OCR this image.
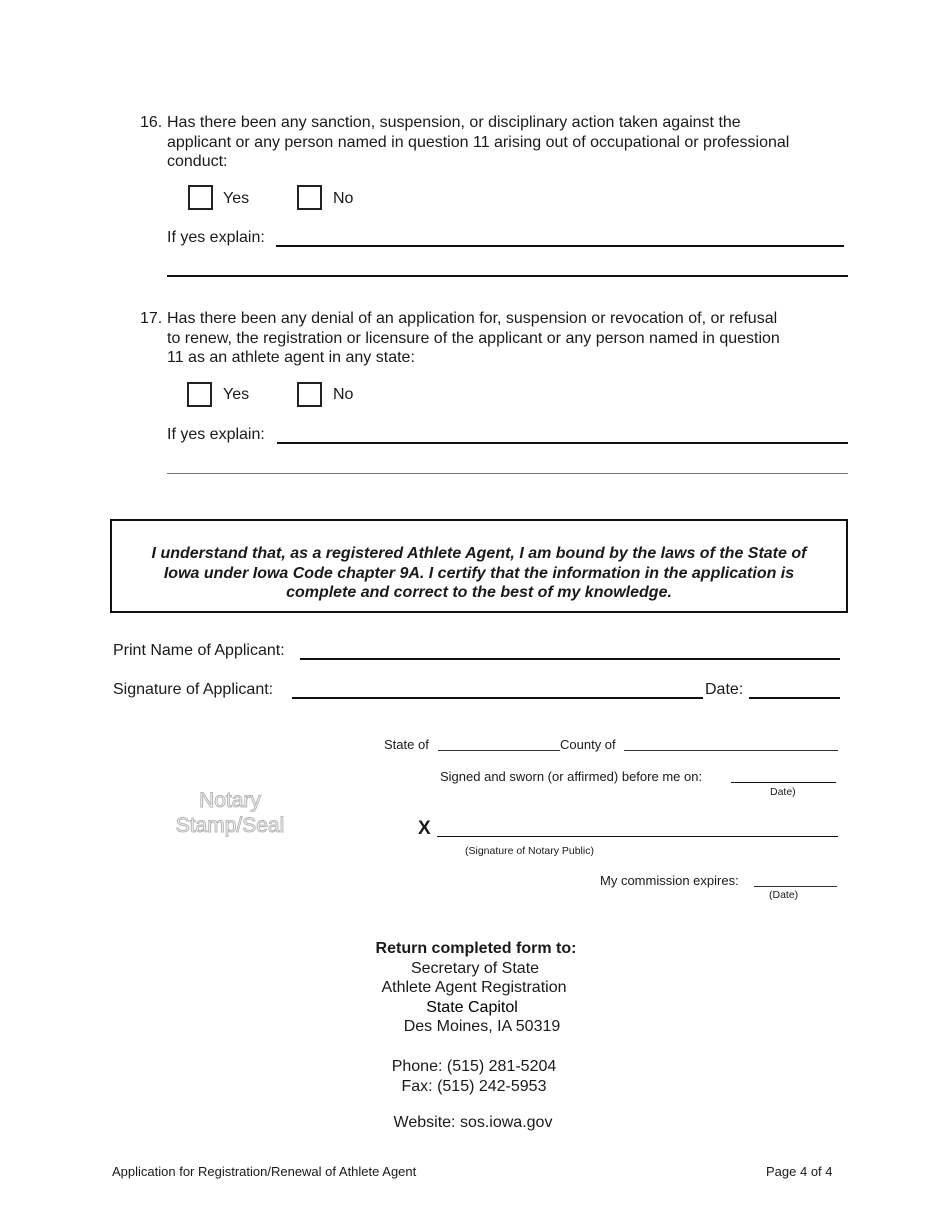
16. Has there been any sanction, suspension, or disciplinary action taken against the
applicant or any person named in question 11 arising out of occupational or professional
conduct:
Yes	No
If yes explain:
17. Has there been any denial of an application for, suspension or revocation of, or refusal
to renew, the registration or licensure of the applicant or any person named in question
11 as an athlete agent in any state:
Yes	No
If yes explain:
I understand that, as a registered Athlete Agent, I am bound by the laws of the State of
Iowa under Iowa Code chapter 9A. I certify that the information in the application is
complete and correct to the best of my knowledge.
Print Name of Applicant:
Signature of Applicant:	Date:
Notary
Stamp/Seal
State of	County of
Signed and sworn (or affirmed) before me on:
Date)
X
(Signature of Notary Public)
My commission expires:
(Date)
Return completed form to:
Secretary of State
Athlete Agent Registration
State Capitol
Des Moines, IA 50319
Phone: (515) 281-5204
Fax: (515) 242-5953
Website: sos.iowa.gov
Application for Registration/Renewal of Athlete Agent	Page 4 of 4
